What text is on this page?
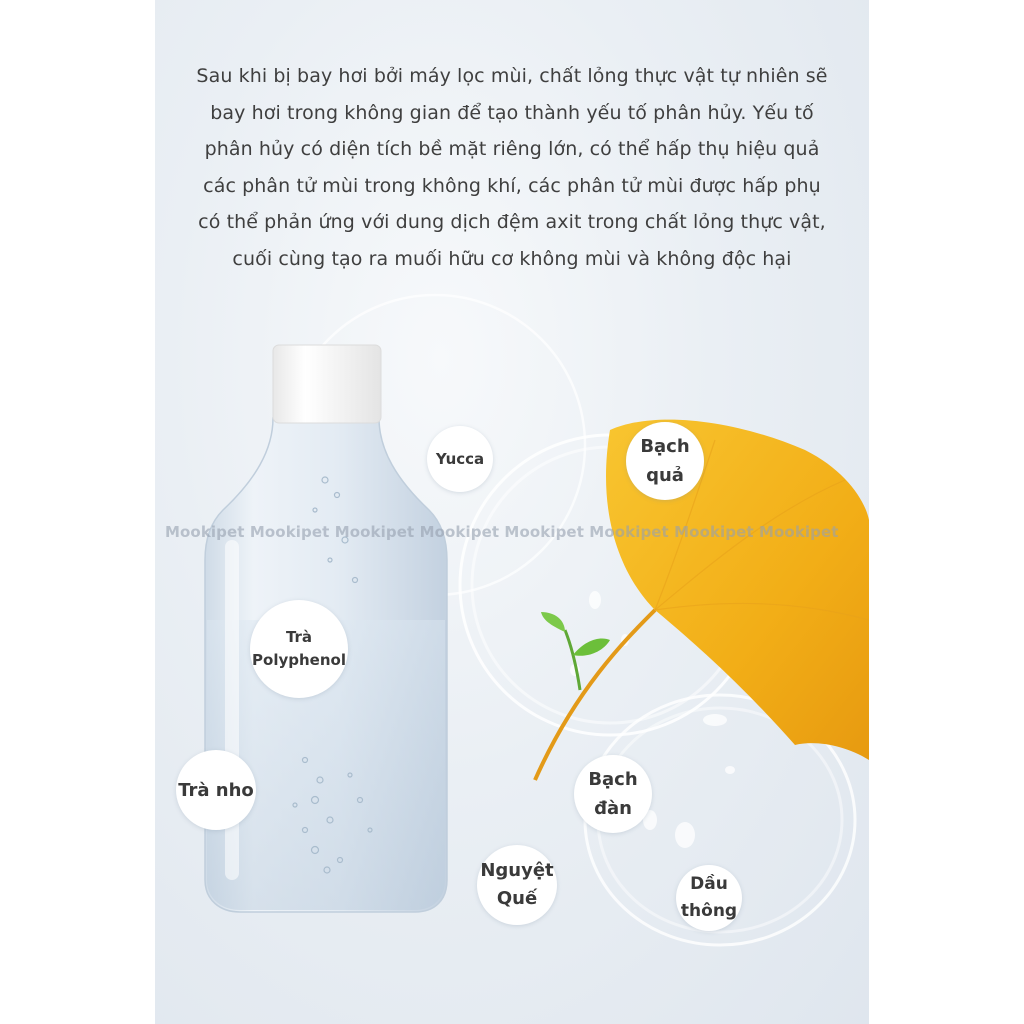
Sau khi bị bay hơi bởi máy lọc mùi, chất lỏng thực vật tự nhiên sẽ

bay hơi trong không gian để tạo thành yếu tố phân hủy. Yếu tố

phân hủy có diện tích bề mặt riêng lớn, có thể hấp thụ hiệu quả

các phân tử mùi trong không khí, các phân tử mùi được hấp phụ

có thể phản ứng với dung dịch đệm axit trong chất lỏng thực vật,

cuối cùng tạo ra muối hữu cơ không mùi và không độc hại

Mookipet Mookipet Mookipet Mookipet Mookipet Mookipet Mookipet Mookipet
Yucca
Bạch
quả
Trà
Polyphenol
Trà nho	Bạch
đàn
Nguyệt
Quế
Dầu
thông
